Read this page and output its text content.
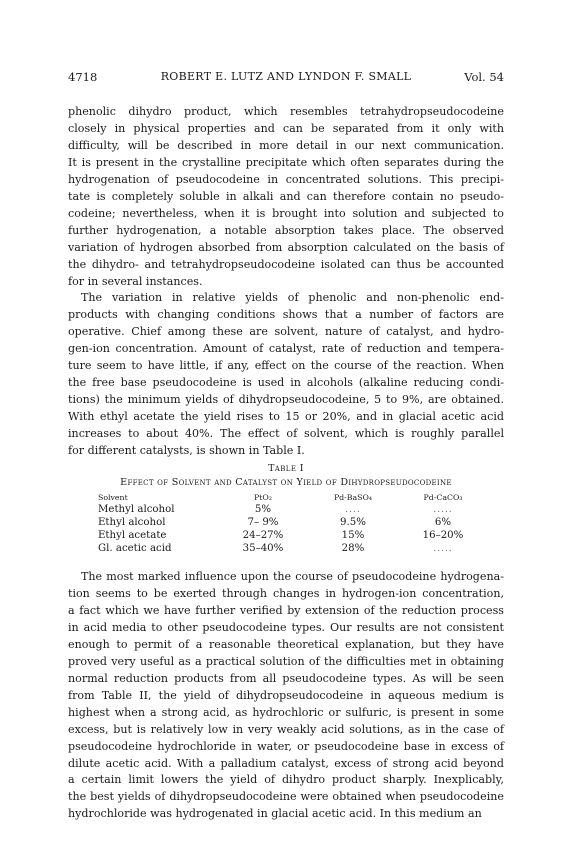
4718	ROBERT E. LUTZ AND LYNDON F. SMALL	Vol. 54
phenolic dihydro product, which resembles tetrahydropseudocodeine
closely in physical properties and can be separated from it only with
difficulty, will be described in more detail in our next communication.
It is present in the crystalline precipitate which often separates during the
hydrogenation of pseudocodeine in concentrated solutions. This precipi-
tate is completely soluble in alkali and can therefore contain no pseudo-
codeine; nevertheless, when it is brought into solution and subjected to
further hydrogenation, a notable absorption takes place. The observed
variation of hydrogen absorbed from absorption calculated on the basis of
the dihydro- and tetrahydropseudocodeine isolated can thus be accounted
for in several instances.
The variation in relative yields of phenolic and non-phenolic end-
products with changing conditions shows that a number of factors are
operative. Chief among these are solvent, nature of catalyst, and hydro-
gen-ion concentration. Amount of catalyst, rate of reduction and tempera-
ture seem to have little, if any, effect on the course of the reaction. When
the free base pseudocodeine is used in alcohols (alkaline reducing condi-
tions) the minimum yields of dihydropseudocodeine, 5 to 9%, are obtained.
With ethyl acetate the yield rises to 15 or 20%, and in glacial acetic acid
increases to about 40%. The effect of solvent, which is roughly parallel
for different catalysts, is shown in Table I.
Table I
Effect of Solvent and Catalyst on Yield of Dihydropseudocodeine
Solvent	PtO₂	Pd-BaSO₄	Pd-CaCO₃
Methyl alcohol	5%	....	.....
Ethyl alcohol	7– 9%	9.5%	6%
Ethyl acetate	24–27%	15%	16–20%
Gl. acetic acid	35–40%	28%	.....
The most marked influence upon the course of pseudocodeine hydrogena-
tion seems to be exerted through changes in hydrogen-ion concentration,
a fact which we have further verified by extension of the reduction process
in acid media to other pseudocodeine types. Our results are not consistent
enough to permit of a reasonable theoretical explanation, but they have
proved very useful as a practical solution of the difficulties met in obtaining
normal reduction products from all pseudocodeine types. As will be seen
from Table II, the yield of dihydropseudocodeine in aqueous medium is
highest when a strong acid, as hydrochloric or sulfuric, is present in some
excess, but is relatively low in very weakly acid solutions, as in the case of
pseudocodeine hydrochloride in water, or pseudocodeine base in excess of
dilute acetic acid. With a palladium catalyst, excess of strong acid beyond
a certain limit lowers the yield of dihydro product sharply. Inexplicably,
the best yields of dihydropseudocodeine were obtained when pseudocodeine
hydrochloride was hydrogenated in glacial acetic acid. In this medium an
